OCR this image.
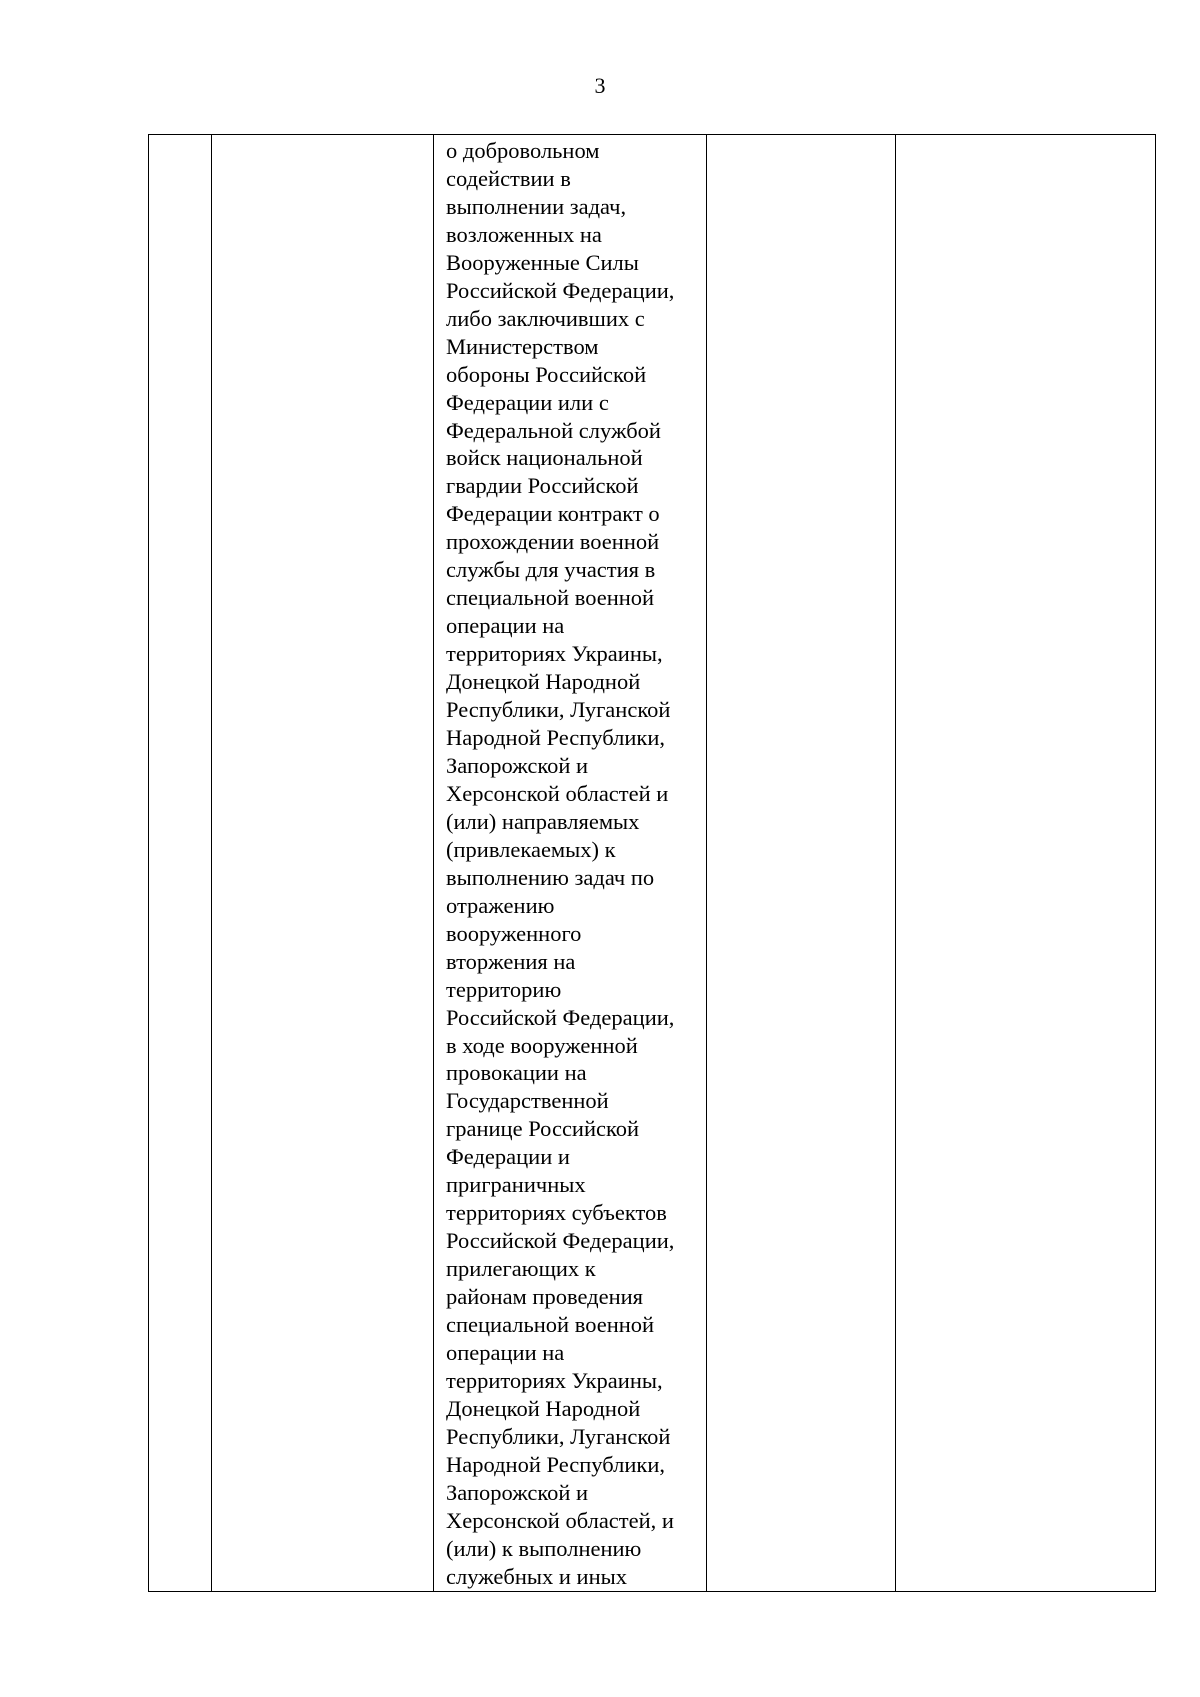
3

о добровольном
содействии в
выполнении задач,
возложенных на
Вооруженные Силы
Российской Федерации,
либо заключивших с
Министерством
обороны Российской
Федерации или с
Федеральной службой
войск национальной
гвардии Российской
Федерации контракт о
прохождении военной
службы для участия в
специальной военной
операции на
территориях Украины,
Донецкой Народной
Республики, Луганской
Народной Республики,
Запорожской и
Херсонской областей и
(или) направляемых
(привлекаемых) к
выполнению задач по
отражению
вооруженного
вторжения на
территорию
Российской Федерации,
в ходе вооруженной
провокации на
Государственной
границе Российской
Федерации и
приграничных
территориях субъектов
Российской Федерации,
прилегающих к
районам проведения
специальной военной
операции на
территориях Украины,
Донецкой Народной
Республики, Луганской
Народной Республики,
Запорожской и
Херсонской областей, и
(или) к выполнению
служебных и иных
